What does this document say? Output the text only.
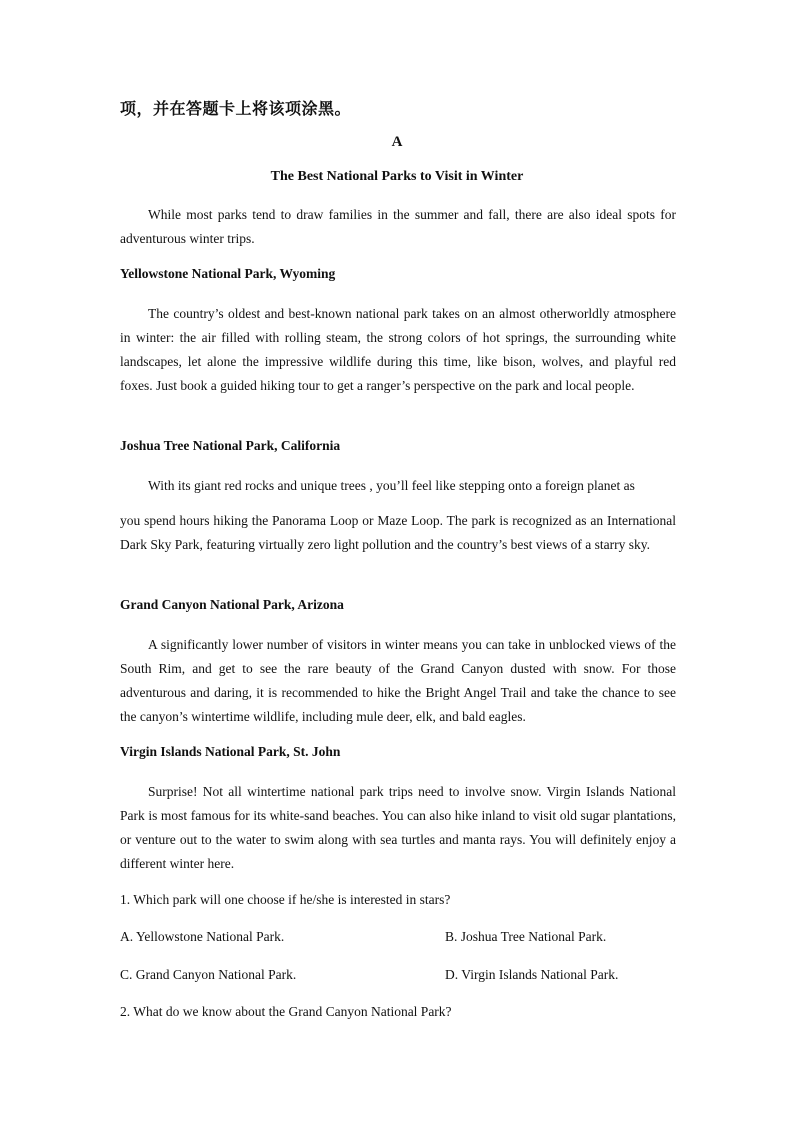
项，并在答题卡上将该项涂黑。
A
The Best National Parks to Visit in Winter
While most parks tend to draw families in the summer and fall, there are also ideal spots for adventurous winter trips.
Yellowstone National Park, Wyoming
The country’s oldest and best-known national park takes on an almost otherworldly atmosphere in winter: the air filled with rolling steam, the strong colors of hot springs, the surrounding white landscapes, let alone the impressive wildlife during this time, like bison, wolves, and playful red foxes. Just book a guided hiking tour to get a ranger’s perspective on the park and local people.
Joshua Tree National Park, California
With its giant red rocks and unique trees , you’ll feel like stepping onto a foreign planet as
you spend hours hiking the Panorama Loop or Maze Loop. The park is recognized as an International Dark Sky Park, featuring virtually zero light pollution and the country’s best views of a starry sky.
Grand Canyon National Park, Arizona
A significantly lower number of visitors in winter means you can take in unblocked views of the South Rim, and get to see the rare beauty of the Grand Canyon dusted with snow. For those adventurous and daring, it is recommended to hike the Bright Angel Trail and take the chance to see the canyon’s wintertime wildlife, including mule deer, elk, and bald eagles.
Virgin Islands National Park, St. John
Surprise! Not all wintertime national park trips need to involve snow. Virgin Islands National Park is most famous for its white-sand beaches. You can also hike inland to visit old sugar plantations, or venture out to the water to swim along with sea turtles and manta rays. You will definitely enjoy a different winter here.
1. Which park will one choose if he/she is interested in stars?
A. Yellowstone National Park.	B. Joshua Tree National Park.
C. Grand Canyon National Park.	D. Virgin Islands National Park.
2. What do we know about the Grand Canyon National Park?
